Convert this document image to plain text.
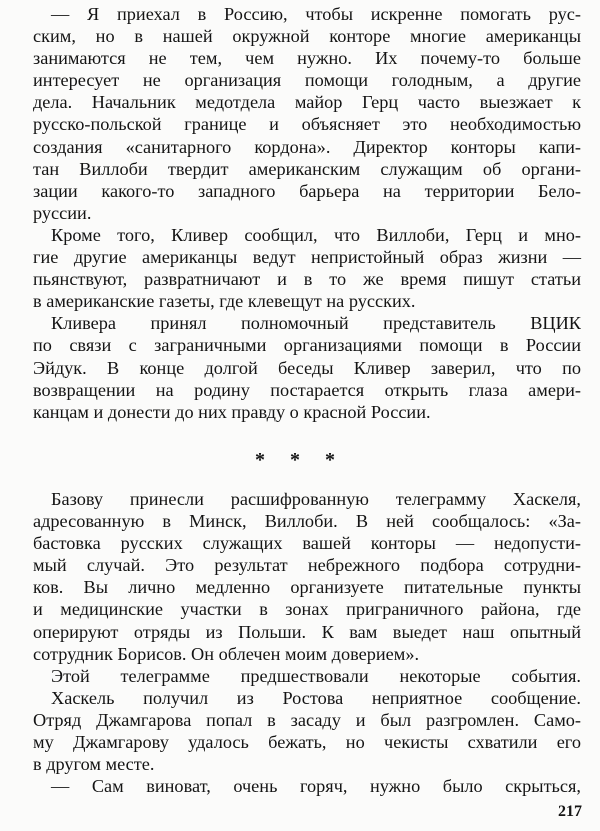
— Я приехал в Россию, чтобы искренне помогать рус-
ским, но в нашей окружной конторе многие американцы
занимаются не тем, чем нужно. Их почему-то больше
интересует не организация помощи голодным, а другие
дела. Начальник медотдела майор Герц часто выезжает к
русско-польской границе и объясняет это необходимостью
создания «санитарного кордона». Директор конторы капи-
тан Виллоби твердит американским служащим об органи-
зации какого-то западного барьера на территории Бело-
руссии.
Кроме того, Кливер сообщил, что Виллоби, Герц и мно-
гие другие американцы ведут непристойный образ жизни —
пьянствуют, развратничают и в то же время пишут статьи
в американские газеты, где клевещут на русских.
Кливера принял полномочный представитель ВЦИК
по связи с заграничными организациями помощи в России
Эйдук. В конце долгой беседы Кливер заверил, что по
возвращении на родину постарается открыть глаза амери-
канцам и донести до них правду о красной России.
* * *
Базову принесли расшифрованную телеграмму Хаскеля,
адресованную в Минск, Виллоби. В ней сообщалось: «За-
бастовка русских служащих вашей конторы — недопусти-
мый случай. Это результат небрежного подбора сотрудни-
ков. Вы лично медленно организуете питательные пункты
и медицинские участки в зонах приграничного района, где
оперируют отряды из Польши. К вам выедет наш опытный
сотрудник Борисов. Он облечен моим доверием».
Этой телеграмме предшествовали некоторые события.
Хаскель получил из Ростова неприятное сообщение.
Отряд Джамгарова попал в засаду и был разгромлен. Само-
му Джамгарову удалось бежать, но чекисты схватили его
в другом месте.
— Сам виноват, очень горяч, нужно было скрыться,
217
